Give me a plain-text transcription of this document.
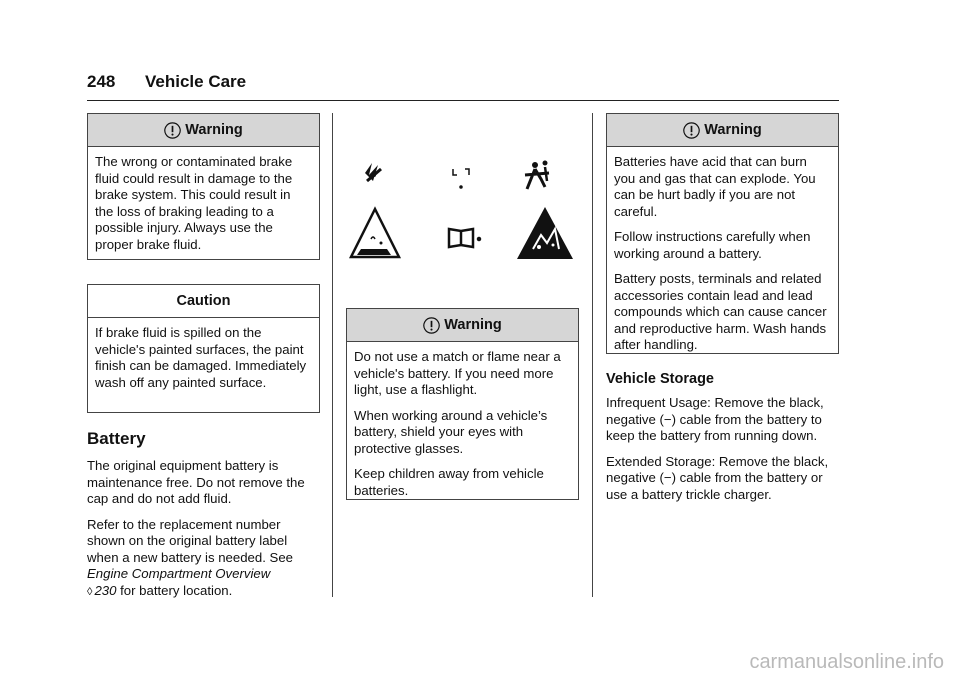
248 Vehicle Care
Warning

The wrong or contaminated brake fluid could result in damage to the brake system. This could result in the loss of braking leading to a possible injury. Always use the proper brake fluid.

Caution

If brake fluid is spilled on the vehicle's painted surfaces, the paint finish can be damaged. Immediately wash off any painted surface.

Battery

The original equipment battery is maintenance free. Do not remove the cap and do not add fluid.

Refer to the replacement number shown on the original battery label when a new battery is needed. See Engine Compartment Overview
◊ 230 for battery location.

Warning

Do not use a match or flame near a vehicle's battery. If you need more light, use a flashlight.

When working around a vehicle’s battery, shield your eyes with protective glasses.

Keep children away from vehicle batteries.

Warning

Batteries have acid that can burn you and gas that can explode. You can be hurt badly if you are not careful.

Follow instructions carefully when working around a battery.

Battery posts, terminals and related accessories contain lead and lead compounds which can cause cancer and reproductive harm. Wash hands after handling.

Vehicle Storage

Infrequent Usage: Remove the black, negative (−) cable from the battery to keep the battery from running down.

Extended Storage: Remove the black, negative (−) cable from the battery or use a battery trickle charger.

carmanualsonline.info
